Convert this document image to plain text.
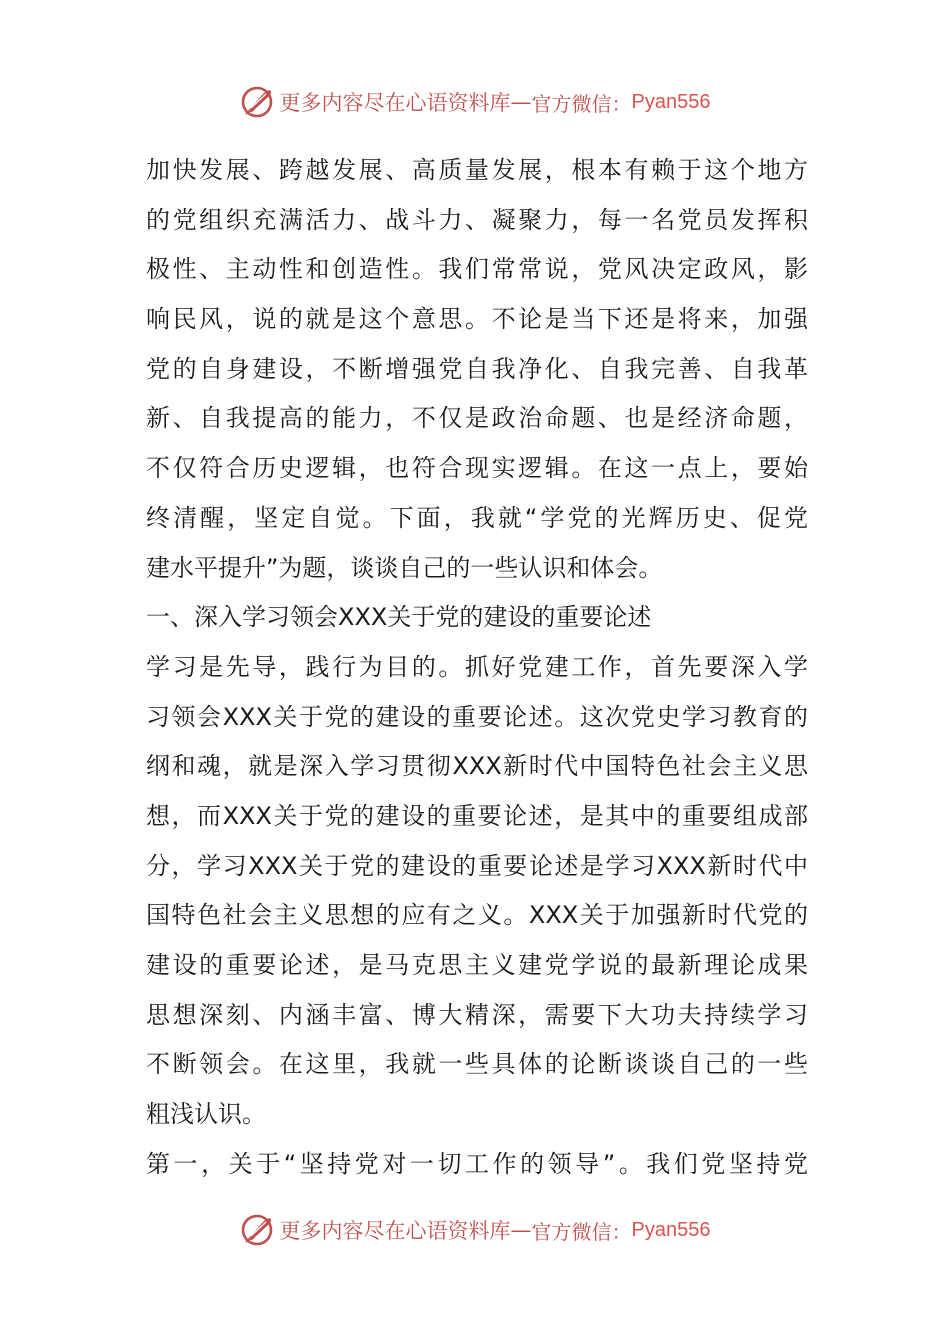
更多内容尽在心语资料库 — 官方微信： Pyan556
加快发展、跨越发展、高质量发展，根本有赖于这个地方
的党组织充满活力、战斗力、凝聚力，每一名党员发挥积
极性、主动性和创造性。我们常常说，党风决定政风，影
响民风，说的就是这个意思。不论是当下还是将来，加强
党的自身建设，不断增强党自我净化、自我完善、自我革
新、自我提高的能力，不仅是政治命题、也是经济命题，
不仅符合历史逻辑，也符合现实逻辑。在这一点上，要始
终清醒，坚定自觉。下面，我就“学党的光辉历史、促党
建水平提升”为题，谈谈自己的一些认识和体会。
一、深入学习领会XXX关于党的建设的重要论述
学习是先导，践行为目的。抓好党建工作，首先要深入学
习领会XXX关于党的建设的重要论述。这次党史学习教育的
纲和魂，就是深入学习贯彻XXX新时代中国特色社会主义思
想，而XXX关于党的建设的重要论述，是其中的重要组成部
分，学习XXX关于党的建设的重要论述是学习XXX新时代中
国特色社会主义思想的应有之义。XXX关于加强新时代党的
建设的重要论述，是马克思主义建党学说的最新理论成果
思想深刻、内涵丰富、博大精深，需要下大功夫持续学习
不断领会。在这里，我就一些具体的论断谈谈自己的一些
粗浅认识。
第一，关于“坚持党对一切工作的领导”。我们党坚持党
更多内容尽在心语资料库 — 官方微信： Pyan556
